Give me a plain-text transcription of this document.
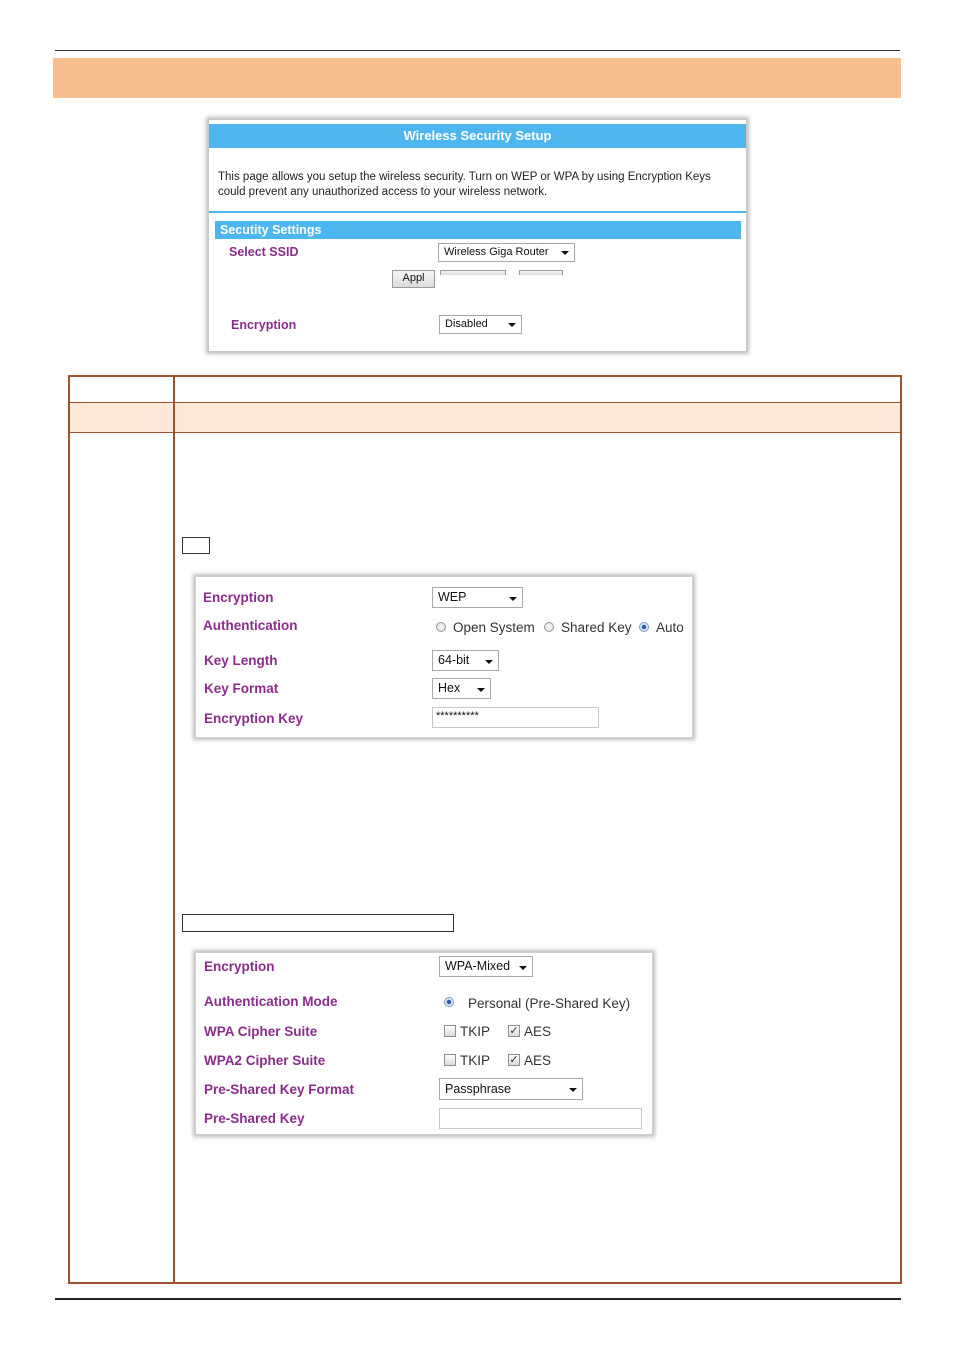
Wireless Security Setup
This page allows you setup the wireless security. Turn on WEP or WPA by using Encryption Keys could prevent any unauthorized access to your wireless network.
Secutity Settings
Select SSID	Wireless Giga Router
Appl
Encryption	Disabled
Encryption	WEP
Authentication	Open System Shared Key Auto
Key Length	64-bit
Key Format	Hex
Encryption Key	**********
Encryption	WPA-Mixed
Authentication Mode	Personal (Pre-Shared Key)
WPA Cipher Suite	TKIP ✓ AES
WPA2 Cipher Suite	TKIP ✓ AES
Pre-Shared Key Format	Passphrase
Pre-Shared Key
